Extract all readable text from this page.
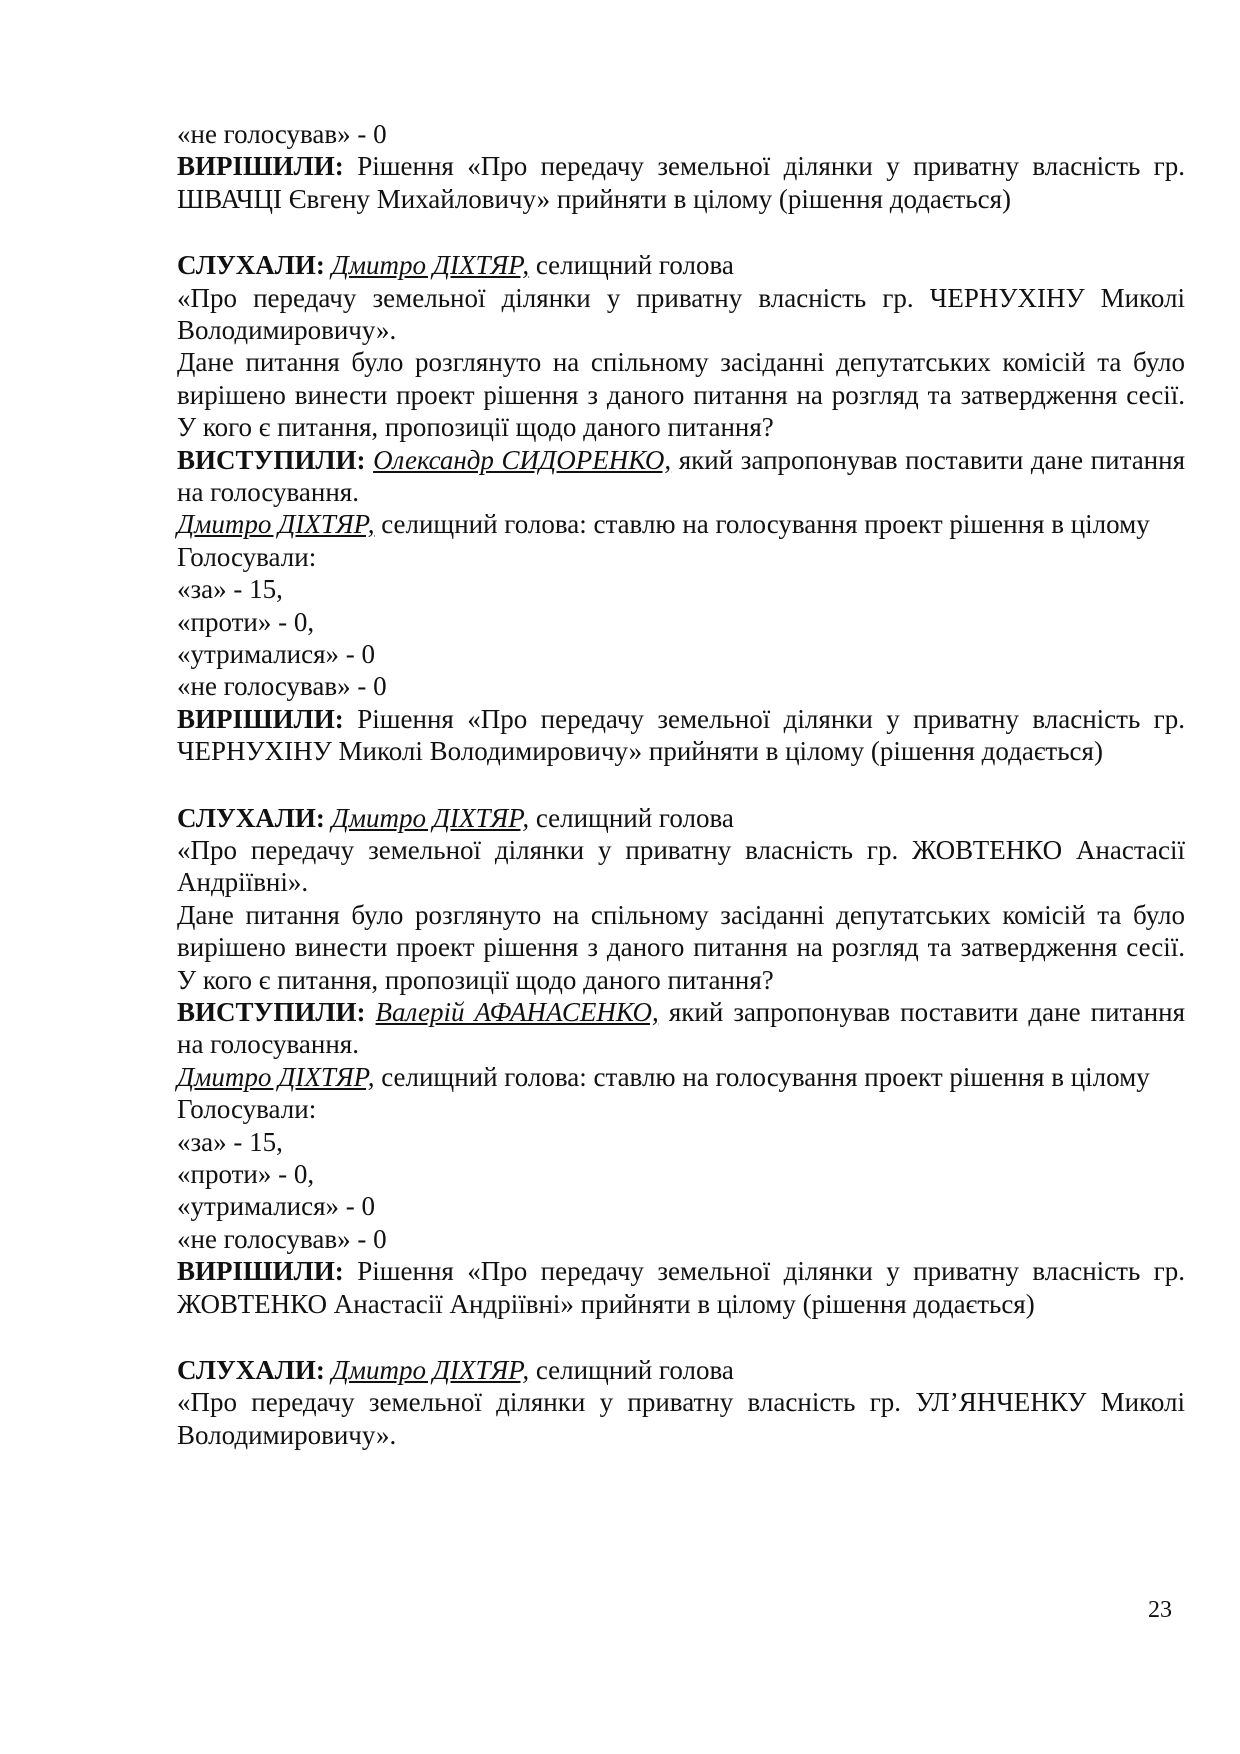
«не голосував» - 0
ВИРІШИЛИ: Рішення «Про передачу земельної ділянки у приватну власність гр. ШВАЧЦІ Євгену Михайловичу» прийняти в цілому (рішення додається)
СЛУХАЛИ: Дмитро ДІХТЯР, селищний голова
«Про передачу земельної ділянки у приватну власність гр. ЧЕРНУХІНУ Миколі Володимировичу».
Дане питання було розглянуто на спільному засіданні депутатських комісій та було вирішено винести проект рішення з даного питання на розгляд та затвердження сесії. У кого є питання, пропозиції щодо даного питання?
ВИСТУПИЛИ: Олександр СИДОРЕНКО, який запропонував поставити дане питання на голосування.
Дмитро ДІХТЯР, селищний голова: ставлю на голосування проект рішення в цілому
Голосували:
«за» - 15,
«проти» - 0,
«утрималися» - 0
«не голосував» - 0
ВИРІШИЛИ: Рішення «Про передачу земельної ділянки у приватну власність гр. ЧЕРНУХІНУ Миколі Володимировичу» прийняти в цілому (рішення додається)
СЛУХАЛИ: Дмитро ДІХТЯР, селищний голова
«Про передачу земельної ділянки у приватну власність гр. ЖОВТЕНКО Анастасії Андріївні».
Дане питання було розглянуто на спільному засіданні депутатських комісій та було вирішено винести проект рішення з даного питання на розгляд та затвердження сесії. У кого є питання, пропозиції щодо даного питання?
ВИСТУПИЛИ: Валерій АФАНАСЕНКО, який запропонував поставити дане питання на голосування.
Дмитро ДІХТЯР, селищний голова: ставлю на голосування проект рішення в цілому
Голосували:
«за» - 15,
«проти» - 0,
«утрималися» - 0
«не голосував» - 0
ВИРІШИЛИ: Рішення «Про передачу земельної ділянки у приватну власність гр. ЖОВТЕНКО Анастасії Андріївні» прийняти в цілому (рішення додається)
СЛУХАЛИ: Дмитро ДІХТЯР, селищний голова
«Про передачу земельної ділянки у приватну власність гр. УЛ’ЯНЧЕНКУ Миколі Володимировичу».
23
